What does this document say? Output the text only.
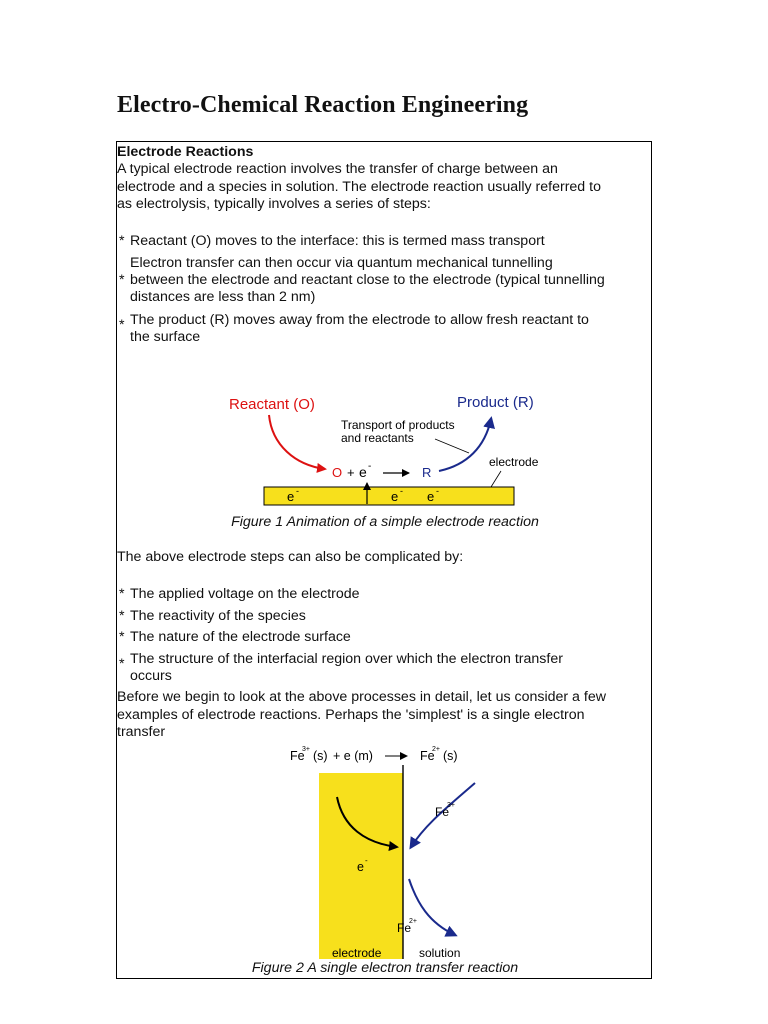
Electro-Chemical Reaction Engineering
Electrode Reactions
A typical electrode reaction involves the transfer of charge between an
electrode and a species in solution. The electrode reaction usually referred to
as electrolysis, typically involves a series of steps:
* Reactant (O) moves to the interface: this is termed mass transport
*
Electron transfer can then occur via quantum mechanical tunnelling
between the electrode and reactant close to the electrode (typical tunnelling
distances are less than 2 nm)
* The product (R) moves away from the electrode to allow fresh reactant to
the surface
Reactant (O)	Product (R)
Transport of products
and reactants
O + e -	R
electrode
e -	e - e -
Figure 1 Animation of a simple electrode reaction
The above electrode steps can also be complicated by:
* The applied voltage on the electrode
* The reactivity of the species
* The nature of the electrode surface
* The structure of the interfacial region over which the electron transfer
occurs
Before we begin to look at the above processes in detail, let us consider a few
examples of electrode reactions. Perhaps the 'simplest' is a single electron
transfer
Fe
3+ (s) + e (m)	Fe
2+ (s)
e -
Fe
3+
Fe
2+
electrode	solution
Figure 2 A single electron transfer reaction
